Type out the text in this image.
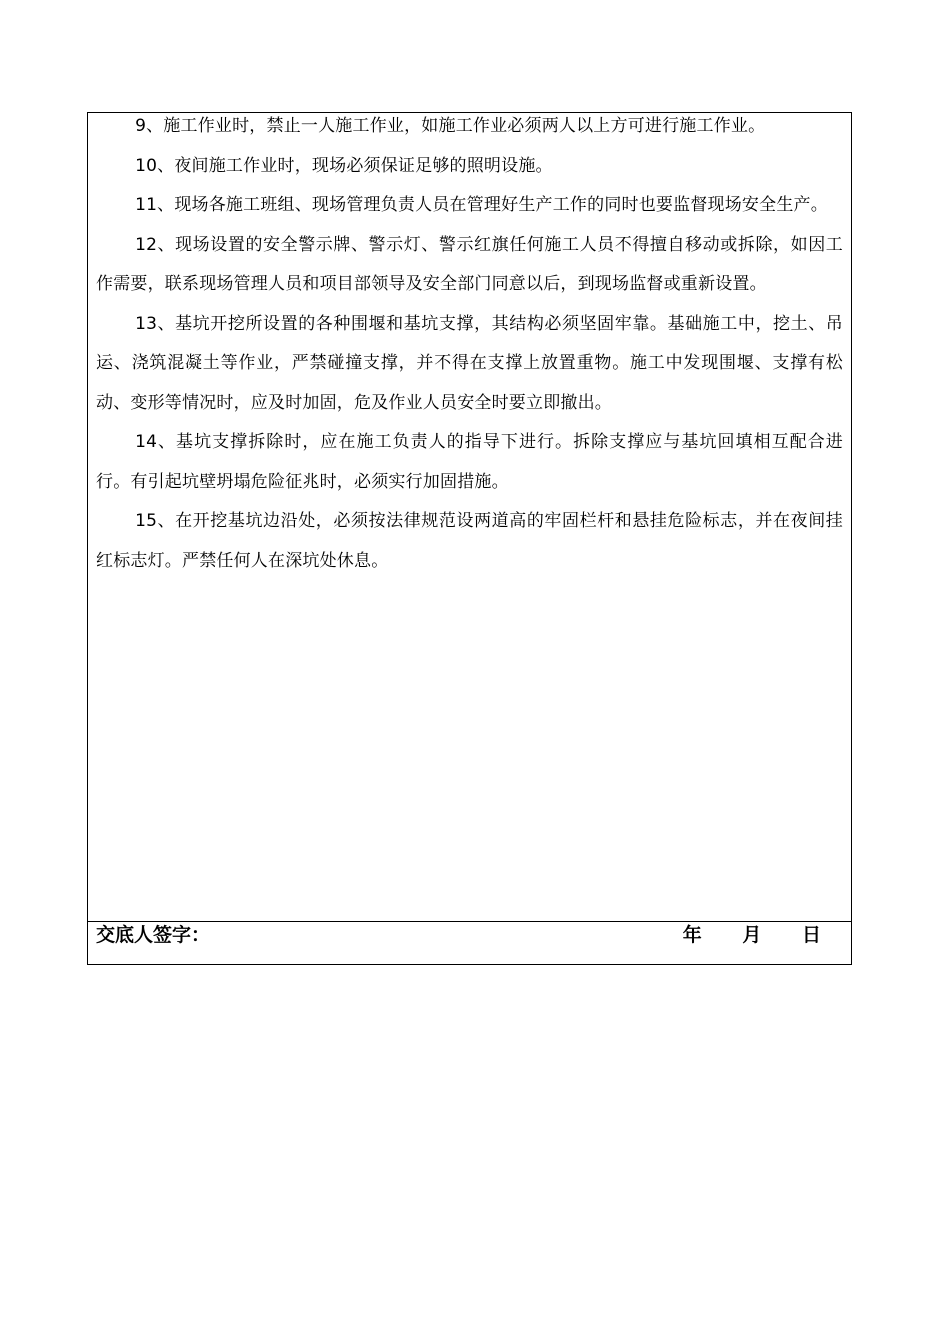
9、施工作业时，禁止一人施工作业，如施工作业必须两人以上方可进行施工作业。

10、夜间施工作业时，现场必须保证足够的照明设施。

11、现场各施工班组、现场管理负责人员在管理好生产工作的同时也要监督现场安全生产。

12、现场设置的安全警示牌、警示灯、警示红旗任何施工人员不得擅自移动或拆除，如因工作需要，联系现场管理人员和项目部领导及安全部门同意以后，到现场监督或重新设置。

13、基坑开挖所设置的各种围堰和基坑支撑，其结构必须坚固牢靠。基础施工中，挖土、吊运、浇筑混凝土等作业，严禁碰撞支撑，并不得在支撑上放置重物。施工中发现围堰、支撑有松动、变形等情况时，应及时加固，危及作业人员安全时要立即撤出。

14、基坑支撑拆除时，应在施工负责人的指导下进行。拆除支撑应与基坑回填相互配合进行。有引起坑壁坍塌危险征兆时，必须实行加固措施。

15、在开挖基坑边沿处，必须按法律规范设两道高的牢固栏杆和悬挂危险标志，并在夜间挂红标志灯。严禁任何人在深坑处休息。

交底人签字：	年 月 日
